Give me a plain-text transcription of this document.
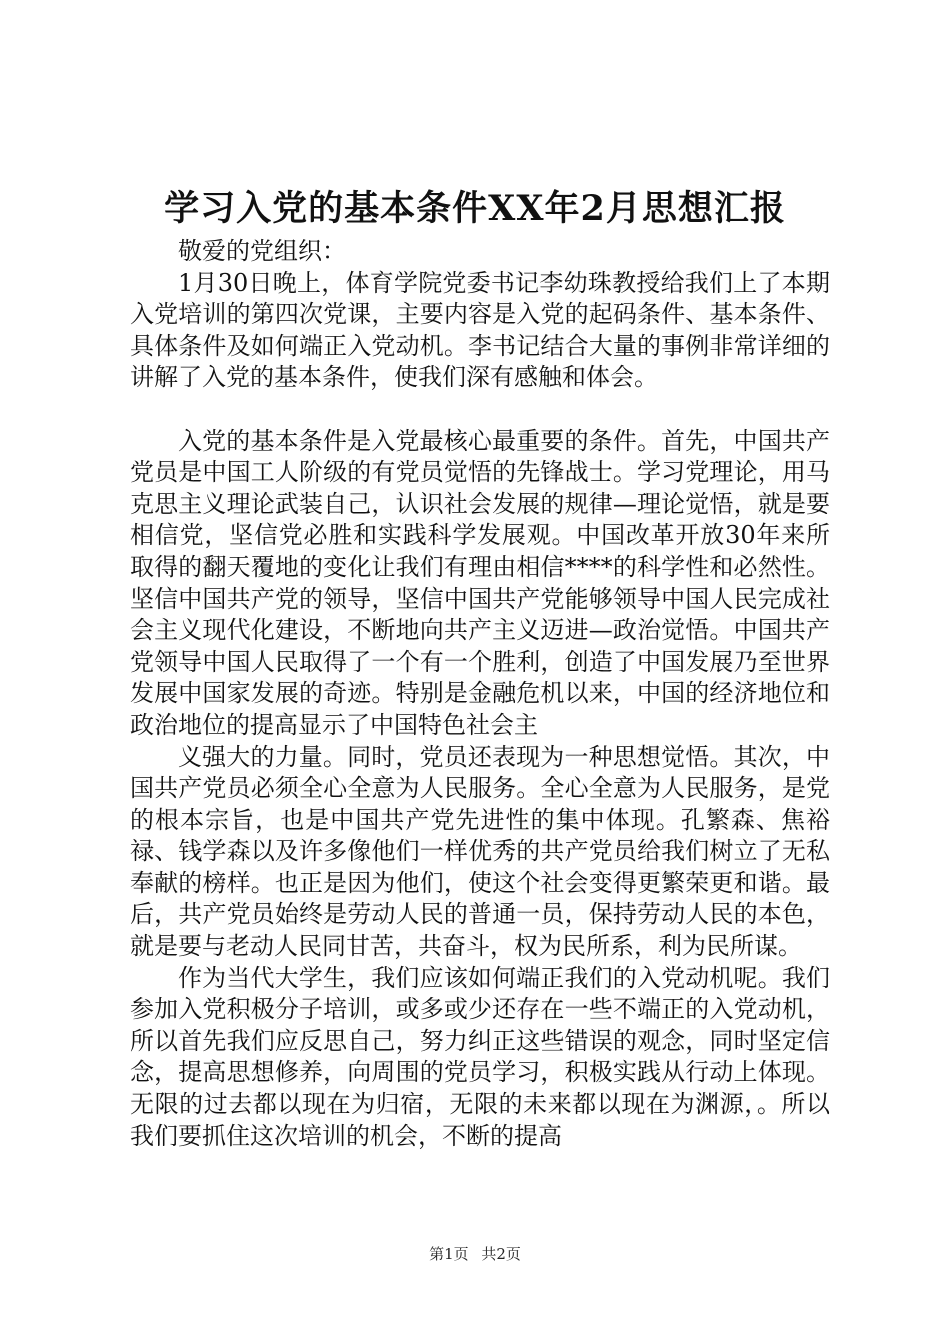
学习入党的基本条件XX年2月思想汇报

敬爱的党组织：

1月30日晚上，体育学院党委书记李幼珠教授给我们上了本期入党培训的第四次党课，主要内容是入党的起码条件、基本条件、具体条件及如何端正入党动机。李书记结合大量的事例非常详细的讲解了入党的基本条件，使我们深有感触和体会。

入党的基本条件是入党最核心最重要的条件。首先，中国共产党员是中国工人阶级的有党员觉悟的先锋战士。学习党理论，用马克思主义理论武装自己，认识社会发展的规律—理论觉悟，就是要相信党，坚信党必胜和实践科学发展观。中国改革开放30年来所取得的翻天覆地的变化让我们有理由相信****的科学性和必然性。坚信中国共产党的领导，坚信中国共产党能够领导中国人民完成社会主义现代化建设，不断地向共产主义迈进—政治觉悟。中国共产党领导中国人民取得了一个有一个胜利，创造了中国发展乃至世界发展中国家发展的奇迹。特别是金融危机以来，中国的经济地位和政治地位的提高显示了中国特色社会主

义强大的力量。同时，党员还表现为一种思想觉悟。其次，中国共产党员必须全心全意为人民服务。全心全意为人民服务，是党的根本宗旨，也是中国共产党先进性的集中体现。孔繁森、焦裕禄、钱学森以及许多像他们一样优秀的共产党员给我们树立了无私奉献的榜样。也正是因为他们，使这个社会变得更繁荣更和谐。最后，共产党员始终是劳动人民的普通一员，保持劳动人民的本色，就是要与老动人民同甘苦，共奋斗，权为民所系，利为民所谋。

作为当代大学生，我们应该如何端正我们的入党动机呢。我们参加入党积极分子培训，或多或少还存在一些不端正的入党动机，所以首先我们应反思自己，努力纠正这些错误的观念，同时坚定信念，提高思想修养，向周围的党员学习，积极实践从行动上体现。无限的过去都以现在为归宿，无限的未来都以现在为渊源，。所以我们要抓住这次培训的机会，不断的提高

第1页 共2页
